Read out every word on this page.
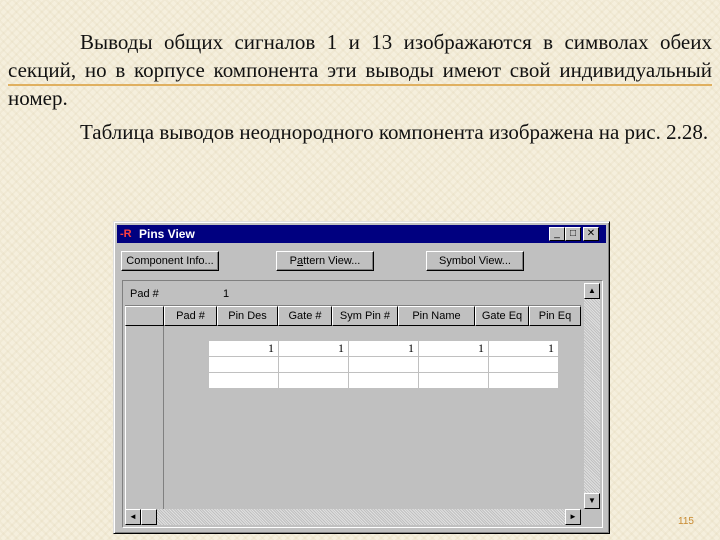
Выводы общих сигналов 1 и 13 изображаются в символах обеих секций, но в корпусе компонента эти выводы имеют свой индивидуальный номер.

Таблица выводов неоднородного компонента изображена на рис. 2.28.

-R Pins View	_	□	✕
Component Info...	Pattern View...	Symbol View...
Pad #	1
Pad #	Pin Des	Gate #	Sym Pin #	Pin Name	Gate Eq	Pin Eq
▲
▼
◄	►
1	1	1	1	1

115
